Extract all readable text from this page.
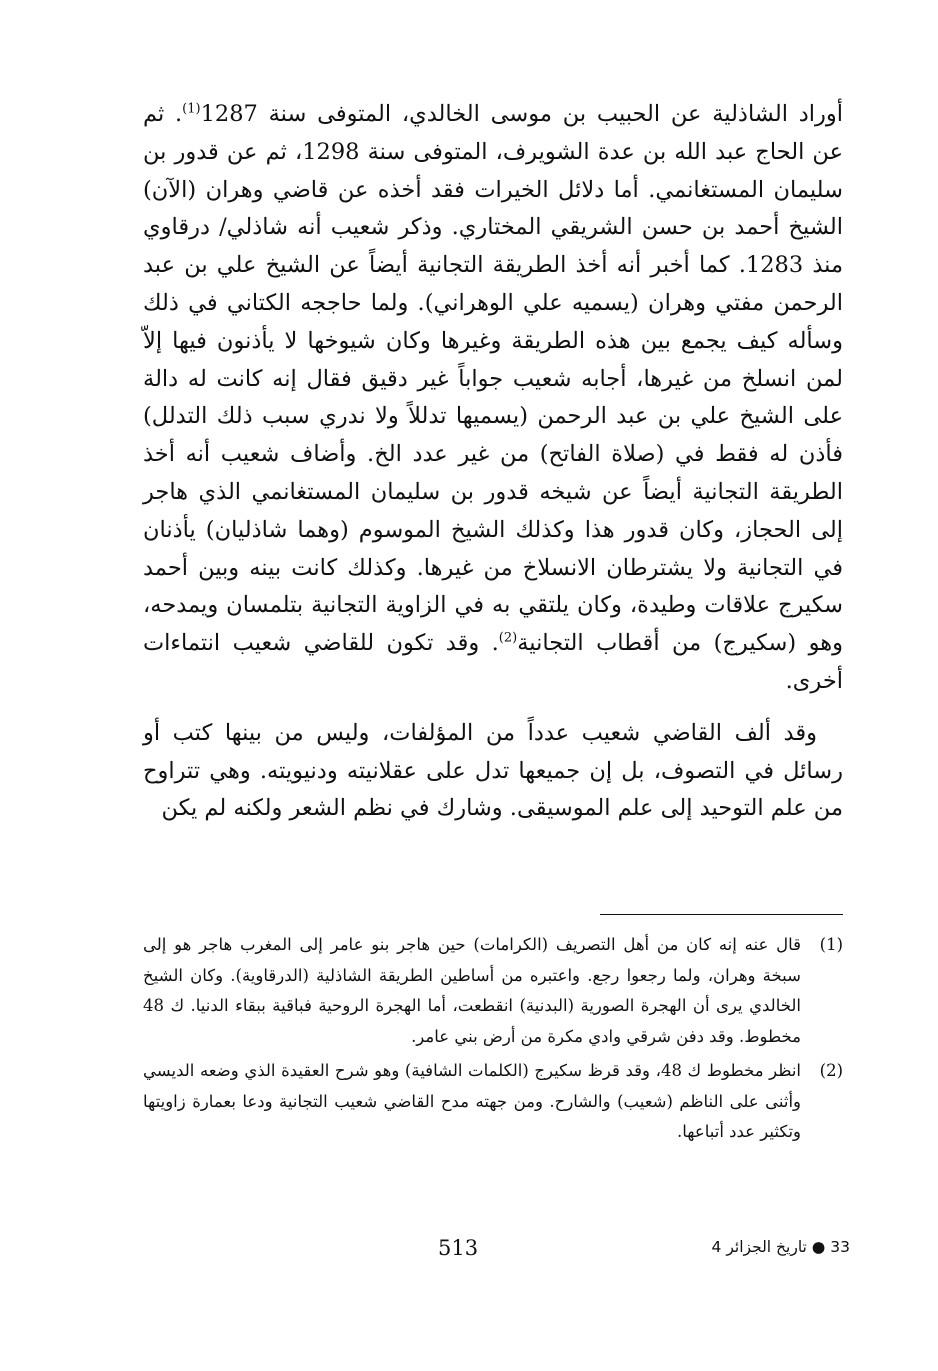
أوراد الشاذلية عن الحبيب بن موسى الخالدي، المتوفى سنة 1287$^{(1)}$. ثم عن الحاج عبد الله بن عدة الشويرف، المتوفى سنة 1298، ثم عن قدور بن سليمان المستغانمي. أما دلائل الخيرات فقد أخذه عن قاضي وهران (الآن) الشيخ أحمد بن حسن الشريقي المختاري. وذكر شعيب أنه شاذلي/ درقاوي منذ 1283. كما أخبر أنه أخذ الطريقة التجانية أيضاً عن الشيخ علي بن عبد الرحمن مفتي وهران (يسميه علي الوهراني). ولما حاججه الكتاني في ذلك وسأله كيف يجمع بين هذه الطريقة وغيرها وكان شيوخها لا يأذنون فيها إلاّ لمن انسلخ من غيرها، أجابه شعيب جواباً غير دقيق فقال إنه كانت له دالة على الشيخ علي بن عبد الرحمن (يسميها تدللاً ولا ندري سبب ذلك التدلل) فأذن له فقط في (صلاة الفاتح) من غير عدد الخ. وأضاف شعيب أنه أخذ الطريقة التجانية أيضاً عن شيخه قدور بن سليمان المستغانمي الذي هاجر إلى الحجاز، وكان قدور هذا وكذلك الشيخ الموسوم (وهما شاذليان) يأذنان في التجانية ولا يشترطان الانسلاخ من غيرها. وكذلك كانت بينه وبين أحمد سكيرج علاقات وطيدة، وكان يلتقي به في الزاوية التجانية بتلمسان ويمدحه، وهو (سكيرج) من أقطاب التجانية$^{(2)}$. وقد تكون للقاضي شعيب انتماءات أخرى.

وقد ألف القاضي شعيب عدداً من المؤلفات، وليس من بينها كتب أو رسائل في التصوف، بل إن جميعها تدل على عقلانيته ودنيويته. وهي تتراوح من علم التوحيد إلى علم الموسيقى. وشارك في نظم الشعر ولكنه لم يكن

(1)
قال عنه إنه كان من أهل التصريف (الكرامات) حين هاجر بنو عامر إلى المغرب هاجر هو إلى سبخة وهران، ولما رجعوا رجع. واعتبره من أساطين الطريقة الشاذلية (الدرقاوية). وكان الشيخ الخالدي يرى أن الهجرة الصورية (البدنية) انقطعت، أما الهجرة الروحية فباقية ببقاء الدنيا. ك 48 مخطوط. وقد دفن شرقي وادي مكرة من أرض بني عامر.
(2)
انظر مخطوط ك 48، وقد قرظ سكيرج (الكلمات الشافية) وهو شرح العقيدة الذي وضعه الديسي وأثنى على الناظم (شعيب) والشارح. ومن جهته مدح القاضي شعيب التجانية ودعا بعمارة زاويتها وتكثير عدد أتباعها.
513	33 ● تاريخ الجزائر 4
